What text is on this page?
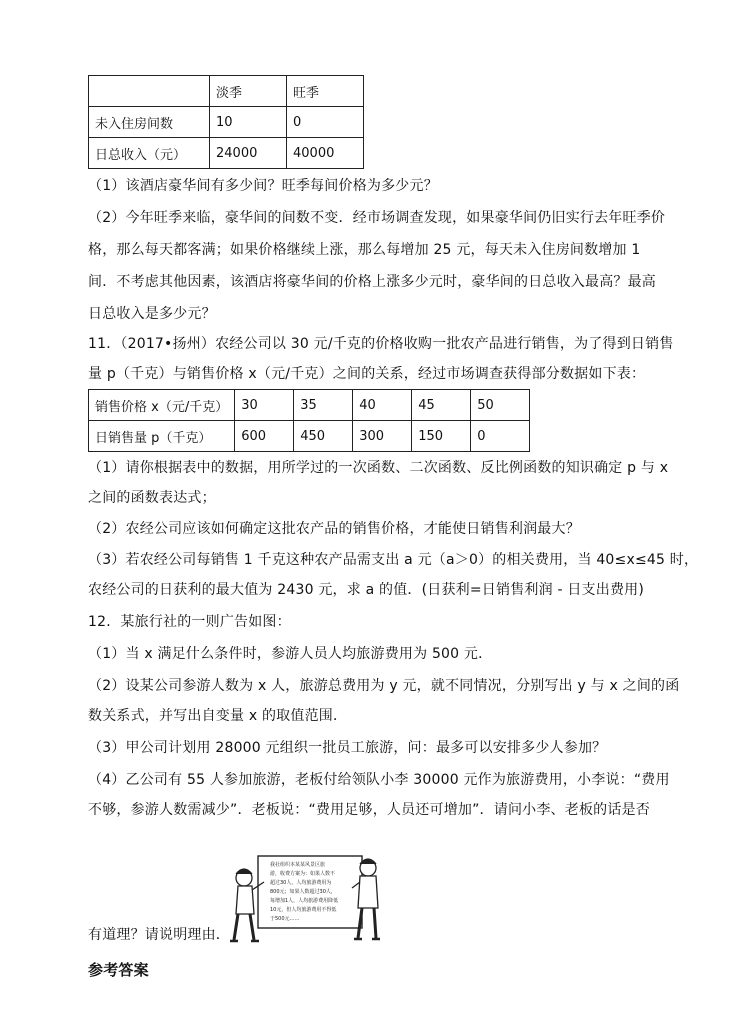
	淡季	旺季
未入住房间数	10	0
日总收入（元）	24000	40000
（1）该酒店豪华间有多少间？旺季每间价格为多少元？
（2）今年旺季来临，豪华间的间数不变．经市场调查发现，如果豪华间仍旧实行去年旺季价
格，那么每天都客满；如果价格继续上涨，那么每增加 25 元，每天未入住房间数增加 1
间．不考虑其他因素，该酒店将豪华间的价格上涨多少元时，豪华间的日总收入最高？最高
日总收入是多少元？
11．（2017•扬州）农经公司以 30 元/千克的价格收购一批农产品进行销售，为了得到日销售
量 p（千克）与销售价格 x（元/千克）之间的关系，经过市场调查获得部分数据如下表：
销售价格 x（元/千克）	30	35	40	45	50
日销售量 p（千克）	600	450	300	150	0
（1）请你根据表中的数据，用所学过的一次函数、二次函数、反比例函数的知识确定 p 与 x
之间的函数表达式；
（2）农经公司应该如何确定这批农产品的销售价格，才能使日销售利润最大？
（3）若农经公司每销售 1 千克这种农产品需支出 a 元（a＞0）的相关费用，当 40≤x≤45 时，
农经公司的日获利的最大值为 2430 元，求 a 的值．(日获利=日销售利润 - 日支出费用)
12．某旅行社的一则广告如图：
（1）当 x 满足什么条件时，参游人员人均旅游费用为 500 元．
（2）设某公司参游人数为 x 人，旅游总费用为 y 元，就不同情况，分别写出 y 与 x 之间的函
数关系式，并写出自变量 x 的取值范围．
（3）甲公司计划用 28000 元组织一批员工旅游，问：最多可以安排多少人参加？
（4）乙公司有 55 人参加旅游，老板付给领队小李 30000 元作为旅游费用，小李说：“费用
不够，参游人数需减少”．老板说：“费用足够，人员还可增加”．请问小李、老板的话是否
有道理？请说明理由．
我社组织本某某风景区旅
游，收费方案为：如果人数不
超过30人，人均旅游费用为
800元；如果人数超过30人，
每增加1人，人均旅游费用降低
10元，但人均旅游费用不得低
于500元……
参考答案
